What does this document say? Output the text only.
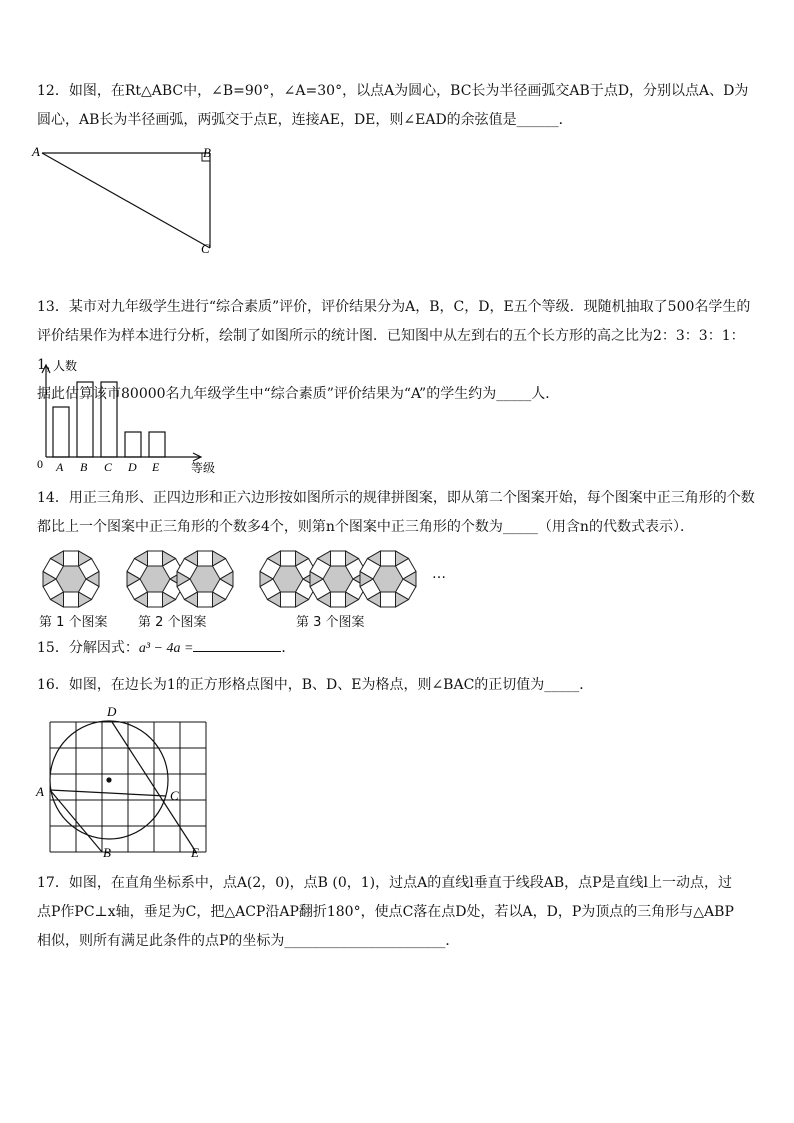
12．如图，在Rt△ABC中，∠B=90°，∠A=30°，以点A为圆心，BC长为半径画弧交AB于点D，分别以点A、D为

圆心，AB长为半径画弧，两弧交于点E，连接AE，DE，则∠EAD的余弦值是______．

A	B
C

13．某市对九年级学生进行“综合素质”评价，评价结果分为A，B，C，D，E五个等级．现随机抽取了500名学生的

评价结果作为样本进行分析，绘制了如图所示的统计图．已知图中从左到右的五个长方形的高之比为2：3：3：1：1，

据此估算该市80000名九年级学生中“综合素质”评价结果为“A”的学生约为_____人．

人数
等级
0 A B C D E

14．用正三角形、正四边形和正六边形按如图所示的规律拼图案，即从第二个图案开始，每个图案中正三角形的个数

都比上一个图案中正三角形的个数多4个，则第n个图案中正三角形的个数为_____（用含n的代数式表示）．

第 1 个图案 第 2 个图案	第 3 个图案
…

15．分解因式：a³ − 4a =	．

16．如图，在边长为1的正方形格点图中，B、D、E为格点，则∠BAC的正切值为_____．

A
D
C
B	E

17．如图，在直角坐标系中，点A(2，0)，点B (0，1)，过点A的直线l垂直于线段AB，点P是直线l上一动点，过

点P作PC⊥x轴，垂足为C，把△ACP沿AP翻折180°，使点C落在点D处，若以A，D，P为顶点的三角形与△ABP

相似，则所有满足此条件的点P的坐标为_______________________．
